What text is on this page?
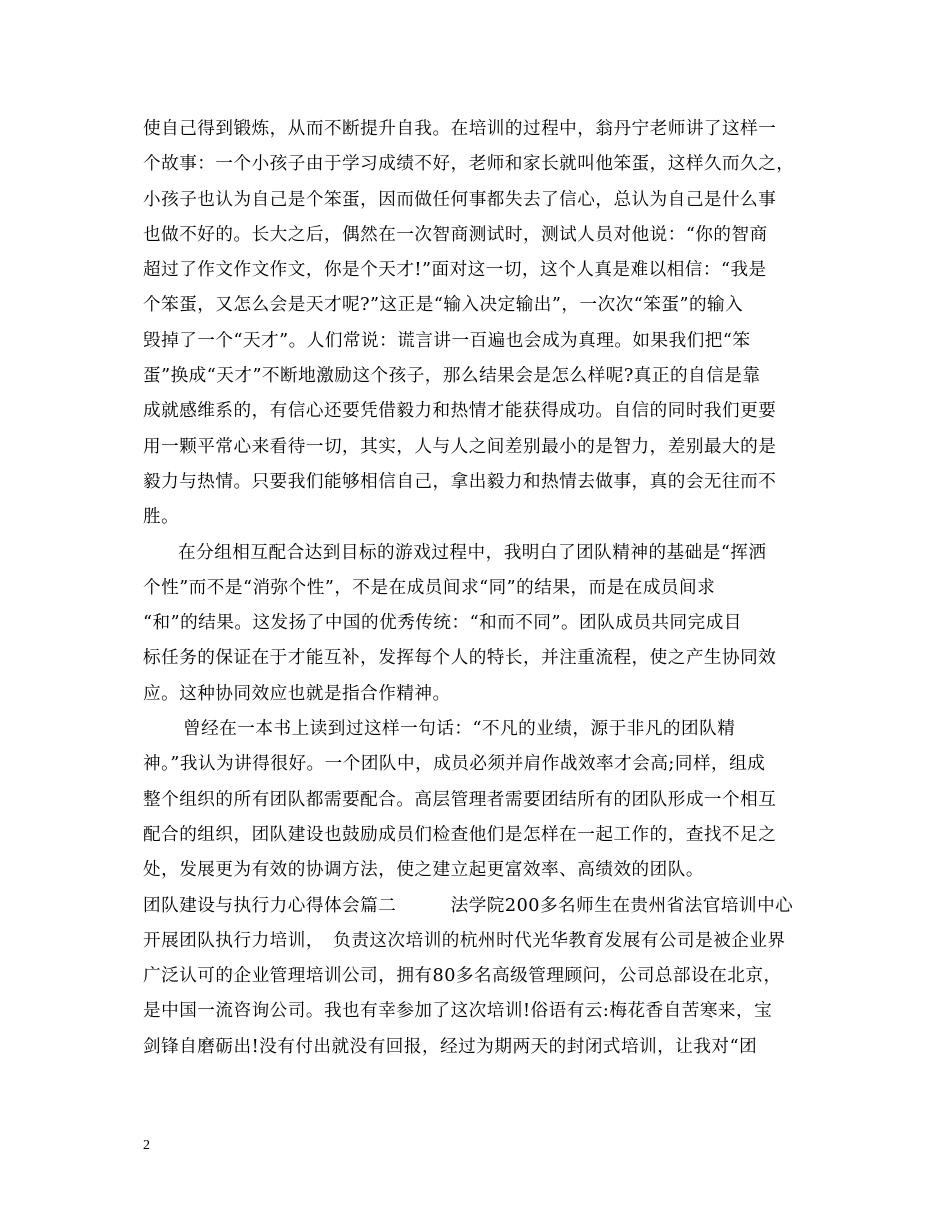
使自己得到锻炼，从而不断提升自我。在培训的过程中，翁丹宁老师讲了这样一
个故事：一个小孩子由于学习成绩不好，老师和家长就叫他笨蛋，这样久而久之，
小孩子也认为自己是个笨蛋，因而做任何事都失去了信心，总认为自己是什么事
也做不好的。长大之后，偶然在一次智商测试时，测试人员对他说：“你的智商
超过了作文作文作文，你是个天才!”面对这一切，这个人真是难以相信：“我是
个笨蛋，又怎么会是天才呢?”这正是“输入决定输出”，一次次“笨蛋”的输入
毁掉了一个“天才”。人们常说：谎言讲一百遍也会成为真理。如果我们把“笨
蛋”换成“天才”不断地激励这个孩子，那么结果会是怎么样呢?真正的自信是靠
成就感维系的，有信心还要凭借毅力和热情才能获得成功。自信的同时我们更要
用一颗平常心来看待一切，其实，人与人之间差别最小的是智力，差别最大的是
毅力与热情。只要我们能够相信自己，拿出毅力和热情去做事，真的会无往而不
胜。
在分组相互配合达到目标的游戏过程中，我明白了团队精神的基础是“挥洒
个性”而不是“消弥个性”，不是在成员间求“同”的结果，而是在成员间求
“和”的结果。这发扬了中国的优秀传统：“和而不同”。团队成员共同完成目
标任务的保证在于才能互补，发挥每个人的特长，并注重流程，使之产生协同效
应。这种协同效应也就是指合作精神。
曾经在一本书上读到过这样一句话：“不凡的业绩，源于非凡的团队精
神。”我认为讲得很好。一个团队中，成员必须并肩作战效率才会高;同样，组成
整个组织的所有团队都需要配合。高层管理者需要团结所有的团队形成一个相互
配合的组织，团队建设也鼓励成员们检查他们是怎样在一起工作的，查找不足之
处，发展更为有效的协调方法，使之建立起更富效率、高绩效的团队。
团队建设与执行力心得体会篇二　　　法学院200多名师生在贵州省法官培训中心
开展团队执行力培训，　负责这次培训的杭州时代光华教育发展有公司是被企业界
广泛认可的企业管理培训公司，拥有80多名高级管理顾问，公司总部设在北京，
是中国一流咨询公司。我也有幸参加了这次培训!俗语有云:梅花香自苦寒来，宝
剑锋自磨砺出!没有付出就没有回报，经过为期两天的封闭式培训，让我对“团
2
